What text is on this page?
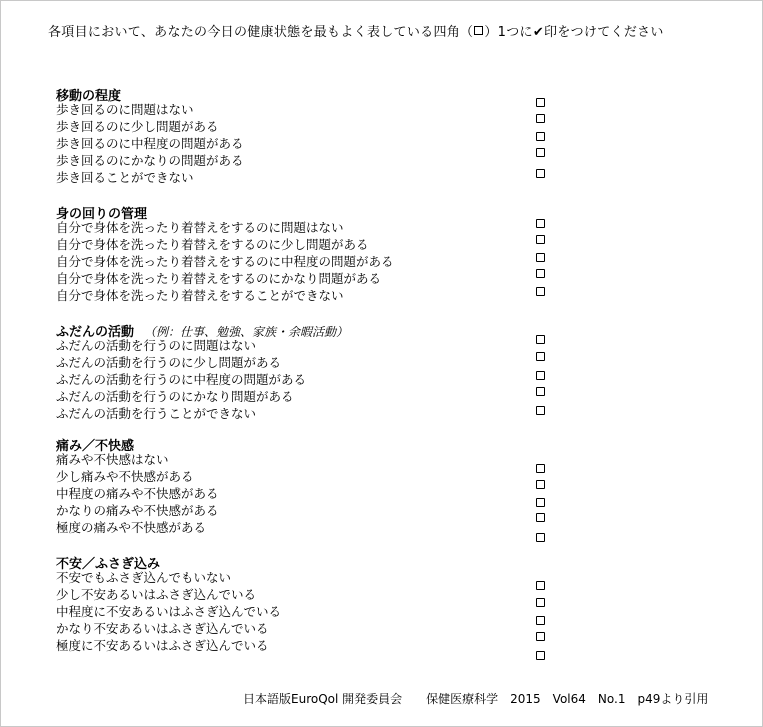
各項目において、あなたの今日の健康状態を最もよく表している四角（ ）1つに✔印をつけてください
移動の程度
歩き回るのに問題はない
歩き回るのに少し問題がある
歩き回るのに中程度の問題がある
歩き回るのにかなりの問題がある
歩き回ることができない
身の回りの管理
自分で身体を洗ったり着替えをするのに問題はない
自分で身体を洗ったり着替えをするのに少し問題がある
自分で身体を洗ったり着替えをするのに中程度の問題がある
自分で身体を洗ったり着替えをするのにかなり問題がある
自分で身体を洗ったり着替えをすることができない
ふだんの活動 （例：仕事、勉強、家族・余暇活動）
ふだんの活動を行うのに問題はない
ふだんの活動を行うのに少し問題がある
ふだんの活動を行うのに中程度の問題がある
ふだんの活動を行うのにかなり問題がある
ふだんの活動を行うことができない
痛み／不快感
痛みや不快感はない
少し痛みや不快感がある
中程度の痛みや不快感がある
かなりの痛みや不快感がある
極度の痛みや不快感がある
不安／ふさぎ込み
不安でもふさぎ込んでもいない
少し不安あるいはふさぎ込んでいる
中程度に不安あるいはふさぎ込んでいる
かなり不安あるいはふさぎ込んでいる
極度に不安あるいはふさぎ込んでいる
日本語版EuroQol 開発委員会　　保健医療科学　2015　Vol64　No.1　p49より引用
